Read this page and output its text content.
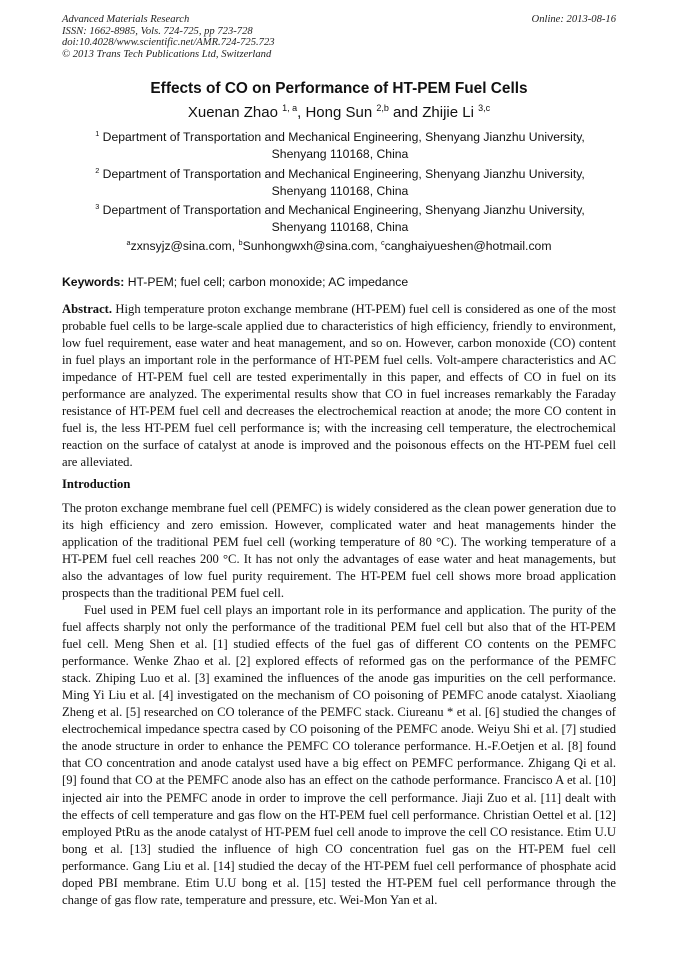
Advanced Materials Research
ISSN: 1662-8985, Vols. 724-725, pp 723-728
doi:10.4028/www.scientific.net/AMR.724-725.723
© 2013 Trans Tech Publications Ltd, Switzerland
Online: 2013-08-16
Effects of CO on Performance of HT-PEM Fuel Cells
Xuenan Zhao $^{1, a}$, Hong Sun $^{2,b}$ and Zhijie Li $^{3,c}$
$^1$ Department of Transportation and Mechanical Engineering, Shenyang Jianzhu University,
Shenyang 110168, China
$^2$ Department of Transportation and Mechanical Engineering, Shenyang Jianzhu University,
Shenyang 110168, China
$^3$ Department of Transportation and Mechanical Engineering, Shenyang Jianzhu University,
Shenyang 110168, China
$^a$zxnsyjz@sina.com, $^b$Sunhongwxh@sina.com, $^c$canghaiyueshen@hotmail.com
Keywords: HT-PEM; fuel cell; carbon monoxide; AC impedance

Abstract. High temperature proton exchange membrane (HT-PEM) fuel cell is considered as one of the most probable fuel cells to be large-scale applied due to characteristics of high efficiency, friendly to environment, low fuel requirement, ease water and heat management, and so on. However, carbon monoxide (CO) content in fuel plays an important role in the performance of HT-PEM fuel cells. Volt-ampere characteristics and AC impedance of HT-PEM fuel cell are tested experimentally in this paper, and effects of CO in fuel on its performance are analyzed. The experimental results show that CO in fuel increases remarkably the Faraday resistance of HT-PEM fuel cell and decreases the electrochemical reaction at anode; the more CO content in fuel is, the less HT-PEM fuel cell performance is; with the increasing cell temperature, the electrochemical reaction on the surface of catalyst at anode is improved and the poisonous effects on the HT-PEM fuel cell are alleviated.

Introduction

The proton exchange membrane fuel cell (PEMFC) is widely considered as the clean power generation due to its high efficiency and zero emission. However, complicated water and heat managements hinder the application of the traditional PEM fuel cell (working temperature of 80 °C). The working temperature of a HT-PEM fuel cell reaches 200 °C. It has not only the advantages of ease water and heat managements, but also the advantages of low fuel purity requirement. The HT-PEM fuel cell shows more broad application prospects than the traditional PEM fuel cell.

Fuel used in PEM fuel cell plays an important role in its performance and application. The purity of the fuel affects sharply not only the performance of the traditional PEM fuel cell but also that of the HT-PEM fuel cell. Meng Shen et al. [1] studied effects of the fuel gas of different CO contents on the PEMFC performance. Wenke Zhao et al. [2] explored effects of reformed gas on the performance of the PEMFC stack. Zhiping Luo et al. [3] examined the influences of the anode gas impurities on the cell performance. Ming Yi Liu et al. [4] investigated on the mechanism of CO poisoning of PEMFC anode catalyst. Xiaoliang Zheng et al. [5] researched on CO tolerance of the PEMFC stack. Ciureanu * et al. [6] studied the changes of electrochemical impedance spectra cased by CO poisoning of the PEMFC anode. Weiyu Shi et al. [7] studied the anode structure in order to enhance the PEMFC CO tolerance performance. H.-F.Oetjen et al. [8] found that CO concentration and anode catalyst used have a big effect on PEMFC performance. Zhigang Qi et al. [9] found that CO at the PEMFC anode also has an effect on the cathode performance. Francisco A et al. [10] injected air into the PEMFC anode in order to improve the cell performance. Jiaji Zuo et al. [11] dealt with the effects of cell temperature and gas flow on the HT-PEM fuel cell performance. Christian Oettel et al. [12] employed PtRu as the anode catalyst of HT-PEM fuel cell anode to improve the cell CO resistance. Etim U.U bong et al. [13] studied the influence of high CO concentration fuel gas on the HT-PEM fuel cell performance. Gang Liu et al. [14] studied the decay of the HT-PEM fuel cell performance of phosphate acid doped PBI membrane. Etim U.U bong et al. [15] tested the HT-PEM fuel cell performance through the change of gas flow rate, temperature and pressure, etc. Wei-Mon Yan et al.
